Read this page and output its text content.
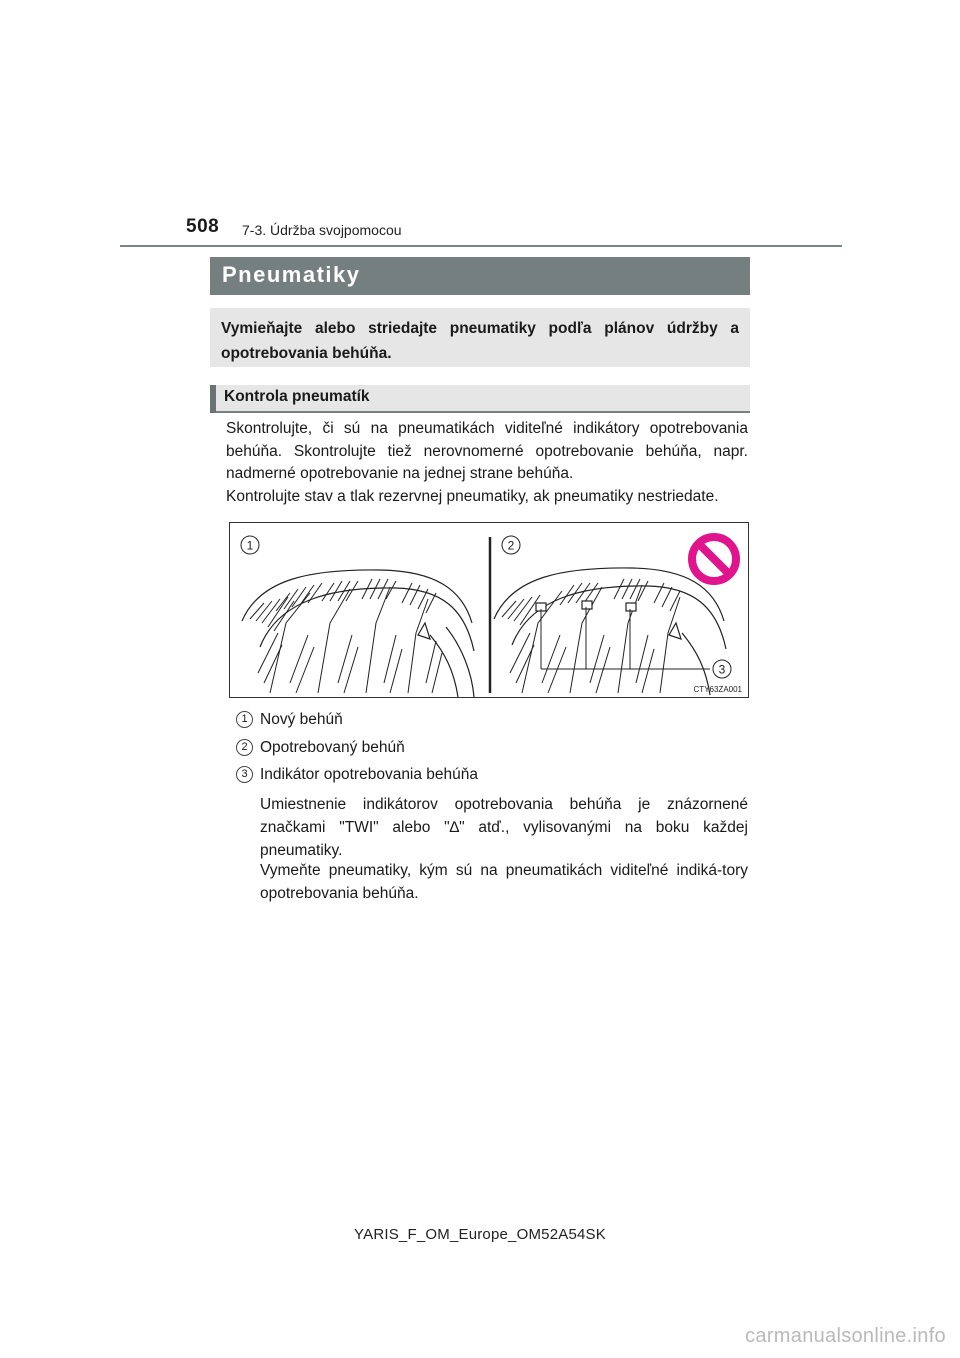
508 7-3. Údržba svojpomocou
Pneumatiky
Vymieňajte alebo striedajte pneumatiky podľa plánov údržby a opotrebovania behúňa.
Kontrola pneumatík
Skontrolujte, či sú na pneumatikách viditeľné indikátory opotrebovania behúňa. Skontrolujte tiež nerovnomerné opotrebovanie behúňa, napr. nadmerné opotrebovanie na jednej strane behúňa.
Kontrolujte stav a tlak rezervnej pneumatiky, ak pneumatiky nestriedate.
1	2
3
CTY63ZA001
1 Nový behúň
2 Opotrebovaný behúň
3 Indikátor opotrebovania behúňa
Umiestnenie indikátorov opotrebovania behúňa je znázornené značkami "TWI" alebo "∆" atď., vylisovanými na boku každej pneumatiky.
Vymeňte pneumatiky, kým sú na pneumatikách viditeľné indiká-tory opotrebovania behúňa.
YARIS_F_OM_Europe_OM52A54SK
carmanualsonline.info
